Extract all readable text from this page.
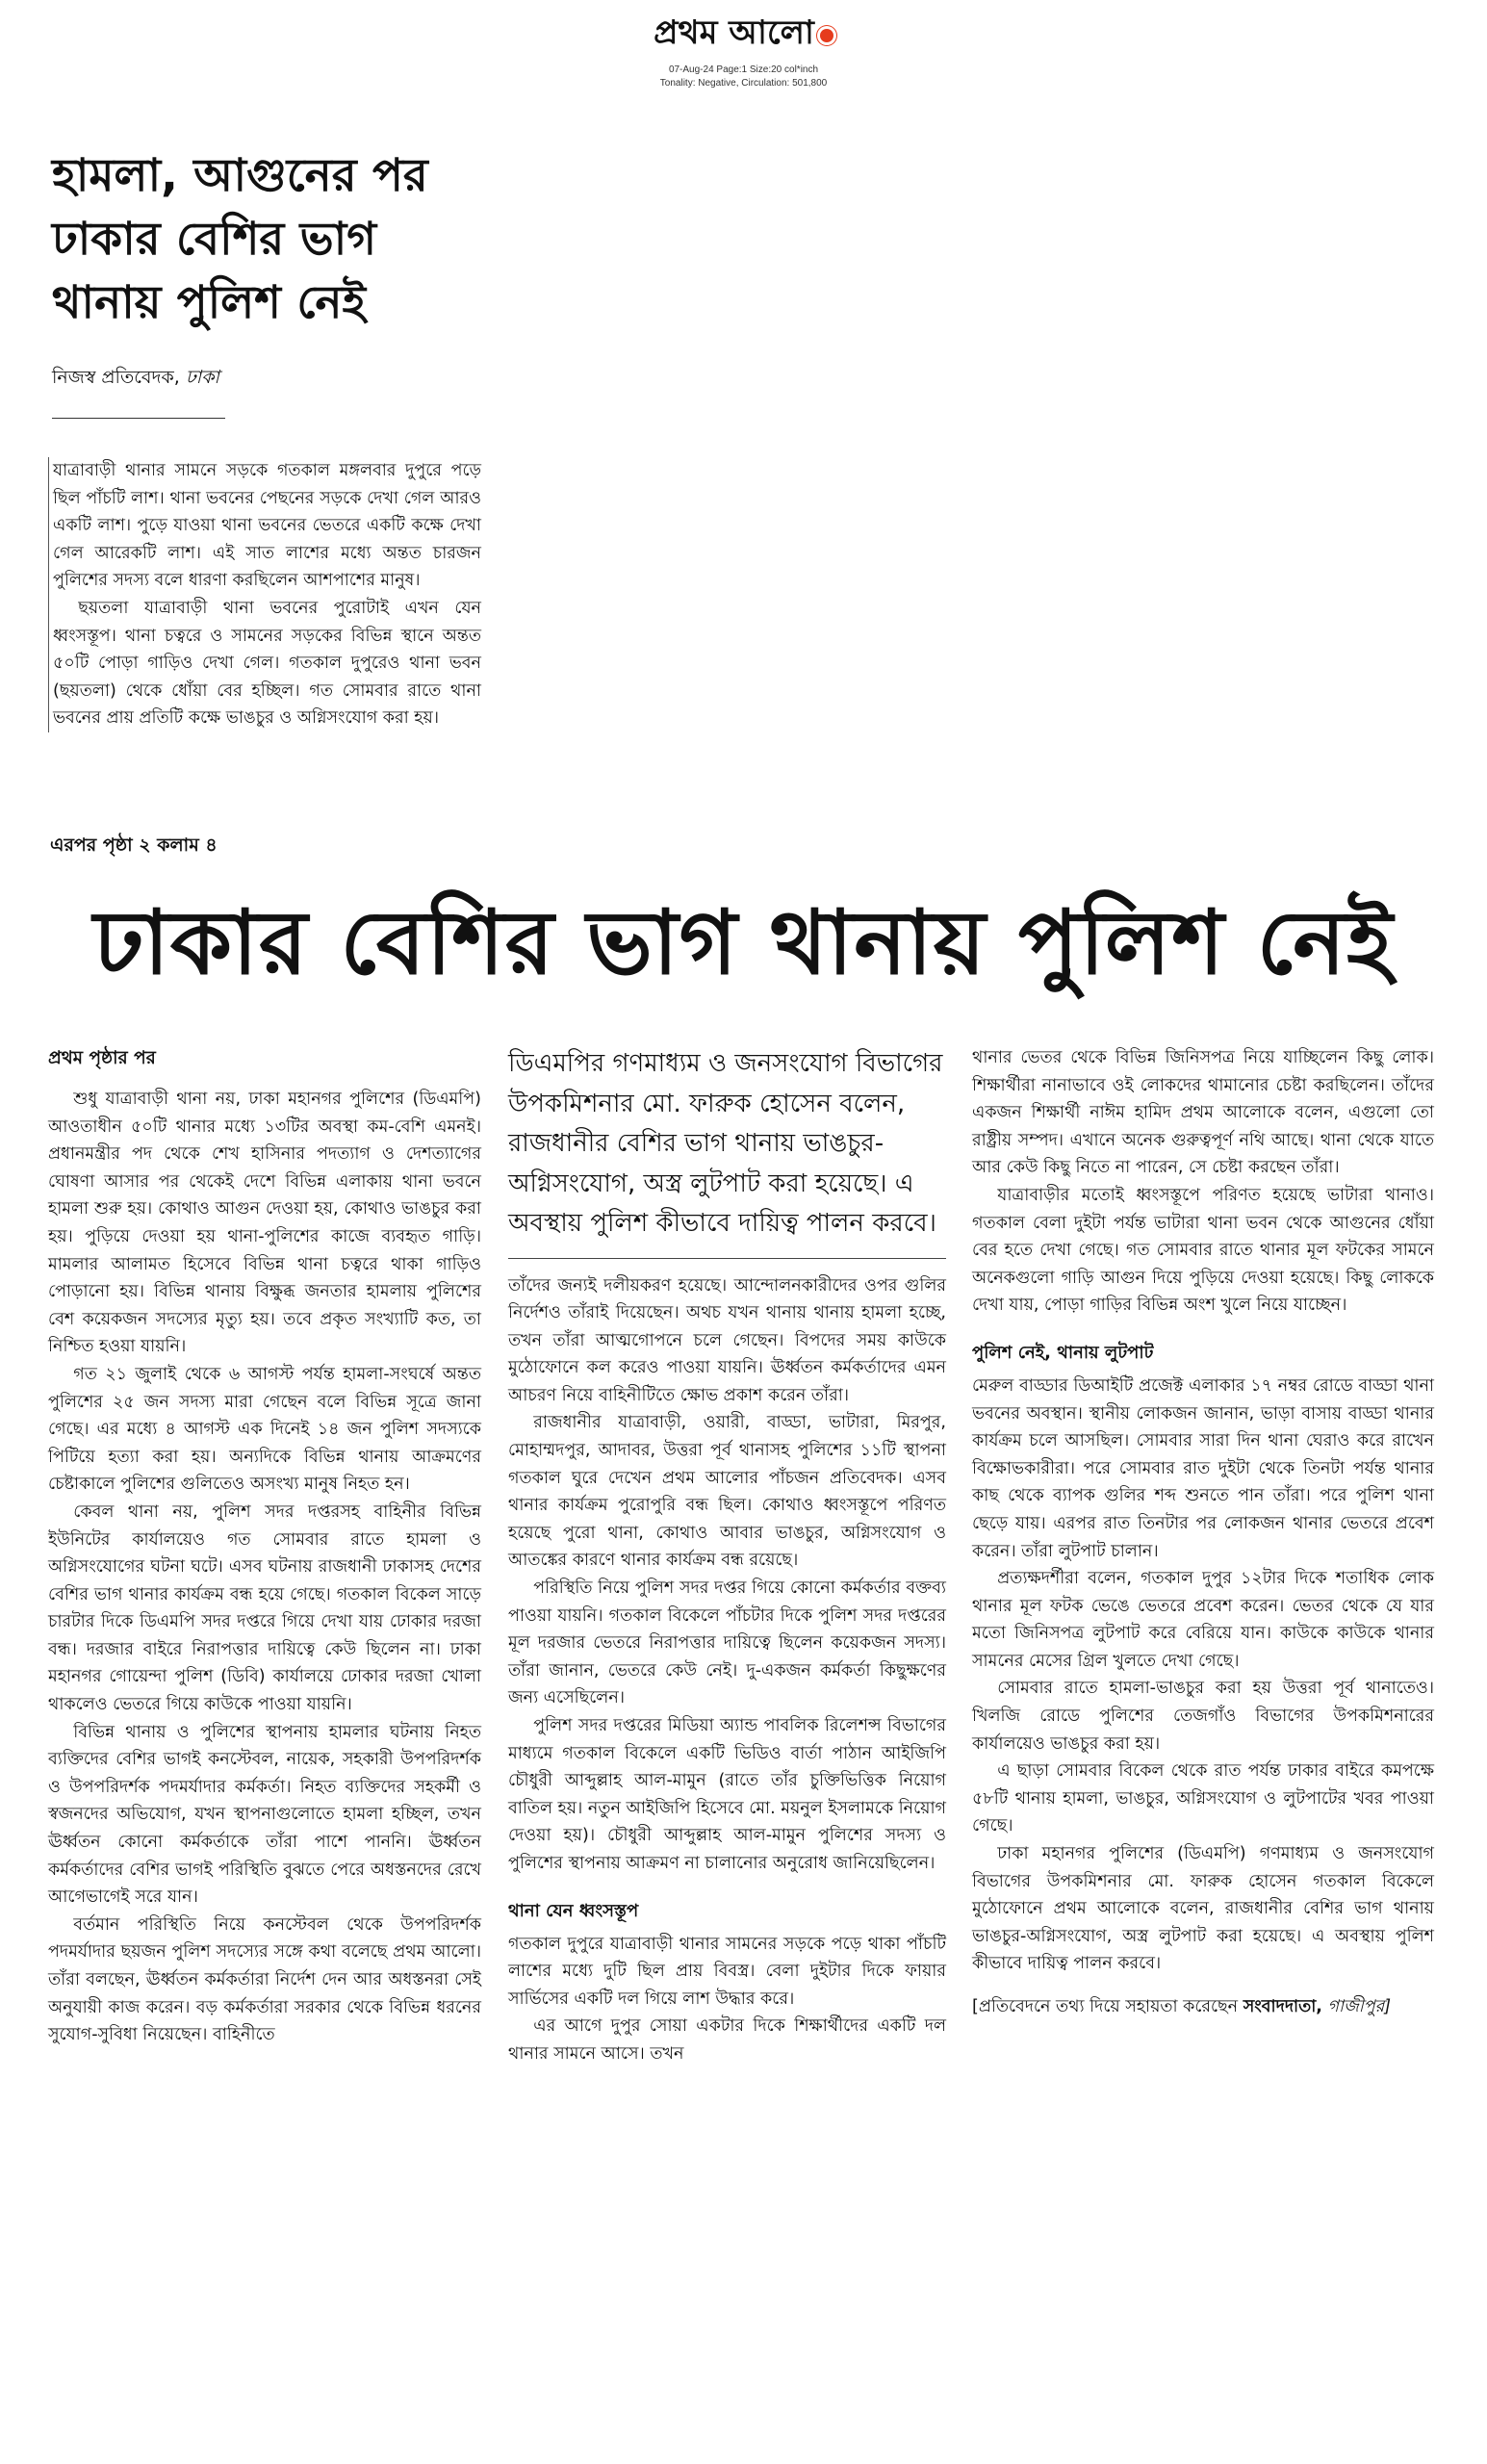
প্রথম আলো
07-Aug-24 Page:1 Size:20 col*inch
Tonality: Negative, Circulation: 501,800
হামলা, আগুনের পর
ঢাকার বেশির ভাগ
থানায় পুলিশ নেই
নিজস্ব প্রতিবেদক, ঢাকা

যাত্রাবাড়ী থানার সামনে সড়কে গতকাল মঙ্গলবার দুপুরে পড়ে ছিল পাঁচটি লাশ। থানা ভবনের পেছনের সড়কে দেখা গেল আরও একটি লাশ। পুড়ে যাওয়া থানা ভবনের ভেতরে একটি কক্ষে দেখা গেল আরেকটি লাশ। এই সাত লাশের মধ্যে অন্তত চারজন পুলিশের সদস্য বলে ধারণা করছিলেন আশপাশের মানুষ।

ছয়তলা যাত্রাবাড়ী থানা ভবনের পুরোটাই এখন যেন ধ্বংসস্তূপ। থানা চত্বরে ও সামনের সড়কের বিভিন্ন স্থানে অন্তত ৫০টি পোড়া গাড়িও দেখা গেল। গতকাল দুপুরেও থানা ভবন (ছয়তলা) থেকে ধোঁয়া বের হচ্ছিল। গত সোমবার রাতে থানা ভবনের প্রায় প্রতিটি কক্ষে ভাঙচুর ও অগ্নিসংযোগ করা হয়।

এরপর পৃষ্ঠা ২ কলাম ৪
ঢাকার বেশির ভাগ থানায় পুলিশ নেই
প্রথম পৃষ্ঠার পর

শুধু যাত্রাবাড়ী থানা নয়, ঢাকা মহানগর পুলিশের (ডিএমপি) আওতাধীন ৫০টি থানার মধ্যে ১৩টির অবস্থা কম-বেশি এমনই। প্রধানমন্ত্রীর পদ থেকে শেখ হাসিনার পদত্যাগ ও দেশত্যাগের ঘোষণা আসার পর থেকেই দেশে বিভিন্ন এলাকায় থানা ভবনে হামলা শুরু হয়। কোথাও আগুন দেওয়া হয়, কোথাও ভাঙচুর করা হয়। পুড়িয়ে দেওয়া হয় থানা-পুলিশের কাজে ব্যবহৃত গাড়ি। মামলার আলামত হিসেবে বিভিন্ন থানা চত্বরে থাকা গাড়িও পোড়ানো হয়। বিভিন্ন থানায় বিক্ষুব্ধ জনতার হামলায় পুলিশের বেশ কয়েকজন সদস্যের মৃত্যু হয়। তবে প্রকৃত সংখ্যাটি কত, তা নিশ্চিত হওয়া যায়নি।

গত ২১ জুলাই থেকে ৬ আগস্ট পর্যন্ত হামলা-সংঘর্ষে অন্তত পুলিশের ২৫ জন সদস্য মারা গেছেন বলে বিভিন্ন সূত্রে জানা গেছে। এর মধ্যে ৪ আগস্ট এক দিনেই ১৪ জন পুলিশ সদস্যকে পিটিয়ে হত্যা করা হয়। অন্যদিকে বিভিন্ন থানায় আক্রমণের চেষ্টাকালে পুলিশের গুলিতেও অসংখ্য মানুষ নিহত হন।

কেবল থানা নয়, পুলিশ সদর দপ্তরসহ বাহিনীর বিভিন্ন ইউনিটের কার্যালয়েও গত সোমবার রাতে হামলা ও অগ্নিসংযোগের ঘটনা ঘটে। এসব ঘটনায় রাজধানী ঢাকাসহ দেশের বেশির ভাগ থানার কার্যক্রম বন্ধ হয়ে গেছে। গতকাল বিকেল সাড়ে চারটার দিকে ডিএমপি সদর দপ্তরে গিয়ে দেখা যায় ঢোকার দরজা বন্ধ। দরজার বাইরে নিরাপত্তার দায়িত্বে কেউ ছিলেন না। ঢাকা মহানগর গোয়েন্দা পুলিশ (ডিবি) কার্যালয়ে ঢোকার দরজা খোলা থাকলেও ভেতরে গিয়ে কাউকে পাওয়া যায়নি।

বিভিন্ন থানায় ও পুলিশের স্থাপনায় হামলার ঘটনায় নিহত ব্যক্তিদের বেশির ভাগই কনস্টেবল, নায়েক, সহকারী উপপরিদর্শক ও উপপরিদর্শক পদমর্যাদার কর্মকর্তা। নিহত ব্যক্তিদের সহকর্মী ও স্বজনদের অভিযোগ, যখন স্থাপনাগুলোতে হামলা হচ্ছিল, তখন ঊর্ধ্বতন কোনো কর্মকর্তাকে তাঁরা পাশে পাননি। ঊর্ধ্বতন কর্মকর্তাদের বেশির ভাগই পরিস্থিতি বুঝতে পেরে অধস্তনদের রেখে আগেভাগেই সরে যান।

বর্তমান পরিস্থিতি নিয়ে কনস্টেবল থেকে উপপরিদর্শক পদমর্যাদার ছয়জন পুলিশ সদস্যের সঙ্গে কথা বলেছে প্রথম আলো। তাঁরা বলছেন, ঊর্ধ্বতন কর্মকর্তারা নির্দেশ দেন আর অধস্তনরা সেই অনুযায়ী কাজ করেন। বড় কর্মকর্তারা সরকার থেকে বিভিন্ন ধরনের সুযোগ-সুবিধা নিয়েছেন। বাহিনীতে

ডিএমপির গণমাধ্যম ও জনসংযোগ বিভাগের উপকমিশনার মো. ফারুক হোসেন বলেন, রাজধানীর বেশির ভাগ থানায় ভাঙচুর-অগ্নিসংযোগ, অস্ত্র লুটপাট করা হয়েছে। এ অবস্থায় পুলিশ কীভাবে দায়িত্ব পালন করবে।

তাঁদের জন্যই দলীয়করণ হয়েছে। আন্দোলনকারীদের ওপর গুলির নির্দেশও তাঁরাই দিয়েছেন। অথচ যখন থানায় থানায় হামলা হচ্ছে, তখন তাঁরা আত্মগোপনে চলে গেছেন। বিপদের সময় কাউকে মুঠোফোনে কল করেও পাওয়া যায়নি। ঊর্ধ্বতন কর্মকর্তাদের এমন আচরণ নিয়ে বাহিনীটিতে ক্ষোভ প্রকাশ করেন তাঁরা।

রাজধানীর যাত্রাবাড়ী, ওয়ারী, বাড্ডা, ভাটারা, মিরপুর, মোহাম্মদপুর, আদাবর, উত্তরা পূর্ব থানাসহ পুলিশের ১১টি স্থাপনা গতকাল ঘুরে দেখেন প্রথম আলোর পাঁচজন প্রতিবেদক। এসব থানার কার্যক্রম পুরোপুরি বন্ধ ছিল। কোথাও ধ্বংসস্তূপে পরিণত হয়েছে পুরো থানা, কোথাও আবার ভাঙচুর, অগ্নিসংযোগ ও আতঙ্কের কারণে থানার কার্যক্রম বন্ধ রয়েছে।

পরিস্থিতি নিয়ে পুলিশ সদর দপ্তর গিয়ে কোনো কর্মকর্তার বক্তব্য পাওয়া যায়নি। গতকাল বিকেলে পাঁচটার দিকে পুলিশ সদর দপ্তরের মূল দরজার ভেতরে নিরাপত্তার দায়িত্বে ছিলেন কয়েকজন সদস্য। তাঁরা জানান, ভেতরে কেউ নেই। দু-একজন কর্মকর্তা কিছুক্ষণের জন্য এসেছিলেন।

পুলিশ সদর দপ্তরের মিডিয়া অ্যান্ড পাবলিক রিলেশন্স বিভাগের মাধ্যমে গতকাল বিকেলে একটি ভিডিও বার্তা পাঠান আইজিপি চৌধুরী আব্দুল্লাহ আল-মামুন (রাতে তাঁর চুক্তিভিত্তিক নিয়োগ বাতিল হয়। নতুন আইজিপি হিসেবে মো. ময়নুল ইসলামকে নিয়োগ দেওয়া হয়)। চৌধুরী আব্দুল্লাহ আল-মামুন পুলিশের সদস্য ও পুলিশের স্থাপনায় আক্রমণ না চালানোর অনুরোধ জানিয়েছিলেন।

থানা যেন ধ্বংসস্তূপ

গতকাল দুপুরে যাত্রাবাড়ী থানার সামনের সড়কে পড়ে থাকা পাঁচটি লাশের মধ্যে দুটি ছিল প্রায় বিবস্ত্র। বেলা দুইটার দিকে ফায়ার সার্ভিসের একটি দল গিয়ে লাশ উদ্ধার করে।

এর আগে দুপুর সোয়া একটার দিকে শিক্ষার্থীদের একটি দল থানার সামনে আসে। তখন

থানার ভেতর থেকে বিভিন্ন জিনিসপত্র নিয়ে যাচ্ছিলেন কিছু লোক। শিক্ষার্থীরা নানাভাবে ওই লোকদের থামানোর চেষ্টা করছিলেন। তাঁদের একজন শিক্ষার্থী নাঈম হামিদ প্রথম আলোকে বলেন, এগুলো তো রাষ্ট্রীয় সম্পদ। এখানে অনেক গুরুত্বপূর্ণ নথি আছে। থানা থেকে যাতে আর কেউ কিছু নিতে না পারেন, সে চেষ্টা করছেন তাঁরা।

যাত্রাবাড়ীর মতোই ধ্বংসস্তূপে পরিণত হয়েছে ভাটারা থানাও। গতকাল বেলা দুইটা পর্যন্ত ভাটারা থানা ভবন থেকে আগুনের ধোঁয়া বের হতে দেখা গেছে। গত সোমবার রাতে থানার মূল ফটকের সামনে অনেকগুলো গাড়ি আগুন দিয়ে পুড়িয়ে দেওয়া হয়েছে। কিছু লোককে দেখা যায়, পোড়া গাড়ির বিভিন্ন অংশ খুলে নিয়ে যাচ্ছেন।

পুলিশ নেই, থানায় লুটপাট

মেরুল বাড্ডার ডিআইটি প্রজেক্ট এলাকার ১৭ নম্বর রোডে বাড্ডা থানা ভবনের অবস্থান। স্থানীয় লোকজন জানান, ভাড়া বাসায় বাড্ডা থানার কার্যক্রম চলে আসছিল। সোমবার সারা দিন থানা ঘেরাও করে রাখেন বিক্ষোভকারীরা। পরে সোমবার রাত দুইটা থেকে তিনটা পর্যন্ত থানার কাছ থেকে ব্যাপক গুলির শব্দ শুনতে পান তাঁরা। পরে পুলিশ থানা ছেড়ে যায়। এরপর রাত তিনটার পর লোকজন থানার ভেতরে প্রবেশ করেন। তাঁরা লুটপাট চালান।

প্রত্যক্ষদর্শীরা বলেন, গতকাল দুপুর ১২টার দিকে শতাধিক লোক থানার মূল ফটক ভেঙে ভেতরে প্রবেশ করেন। ভেতর থেকে যে যার মতো জিনিসপত্র লুটপাট করে বেরিয়ে যান। কাউকে কাউকে থানার সামনের মেসের গ্রিল খুলতে দেখা গেছে।

সোমবার রাতে হামলা-ভাঙচুর করা হয় উত্তরা পূর্ব থানাতেও। খিলজি রোডে পুলিশের তেজগাঁও বিভাগের উপকমিশনারের কার্যালয়েও ভাঙচুর করা হয়।

এ ছাড়া সোমবার বিকেল থেকে রাত পর্যন্ত ঢাকার বাইরে কমপক্ষে ৫৮টি থানায় হামলা, ভাঙচুর, অগ্নিসংযোগ ও লুটপাটের খবর পাওয়া গেছে।

ঢাকা মহানগর পুলিশের (ডিএমপি) গণমাধ্যম ও জনসংযোগ বিভাগের উপকমিশনার মো. ফারুক হোসেন গতকাল বিকেলে মুঠোফোনে প্রথম আলোকে বলেন, রাজধানীর বেশির ভাগ থানায় ভাঙচুর-অগ্নিসংযোগ, অস্ত্র লুটপাট করা হয়েছে। এ অবস্থায় পুলিশ কীভাবে দায়িত্ব পালন করবে।

[প্রতিবেদনে তথ্য দিয়ে সহায়তা করেছেন সংবাদদাতা, গাজীপুর]
